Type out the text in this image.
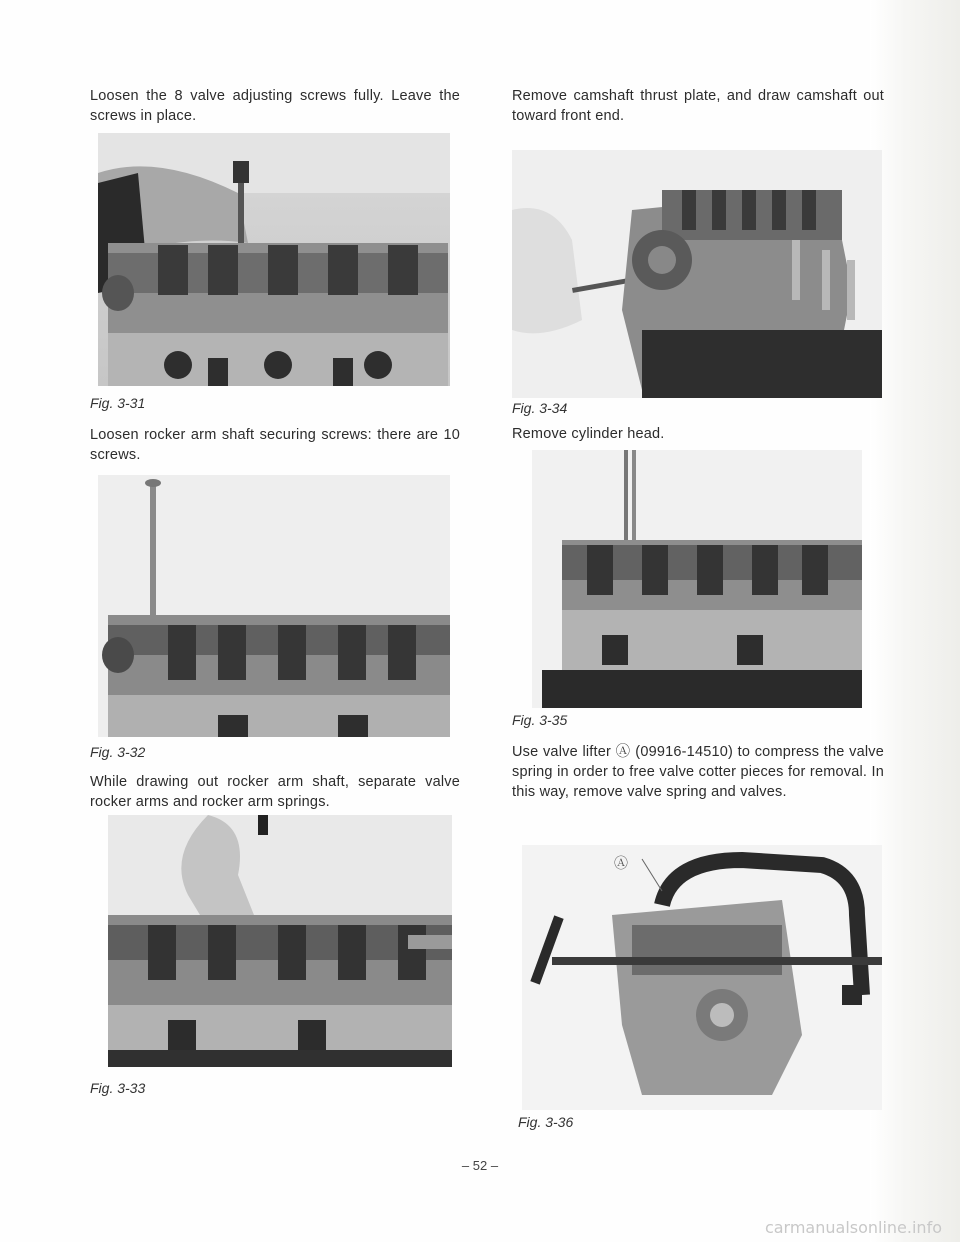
Loosen the 8 valve adjusting screws fully. Leave the screws in place.

Fig. 3-31

Loosen rocker arm shaft securing screws: there are 10 screws.

Fig. 3-32

While drawing out rocker arm shaft, separate valve rocker arms and rocker arm springs.

Fig. 3-33

Remove camshaft thrust plate, and draw camshaft out toward front end.

Fig. 3-34

Remove cylinder head.

Fig. 3-35

Use valve lifter Ⓐ (09916-14510) to compress the valve spring in order to free valve cotter pieces for removal. In this way, remove valve spring and valves.

Ⓐ

Fig. 3-36

– 52 –

carmanualsonline.info
